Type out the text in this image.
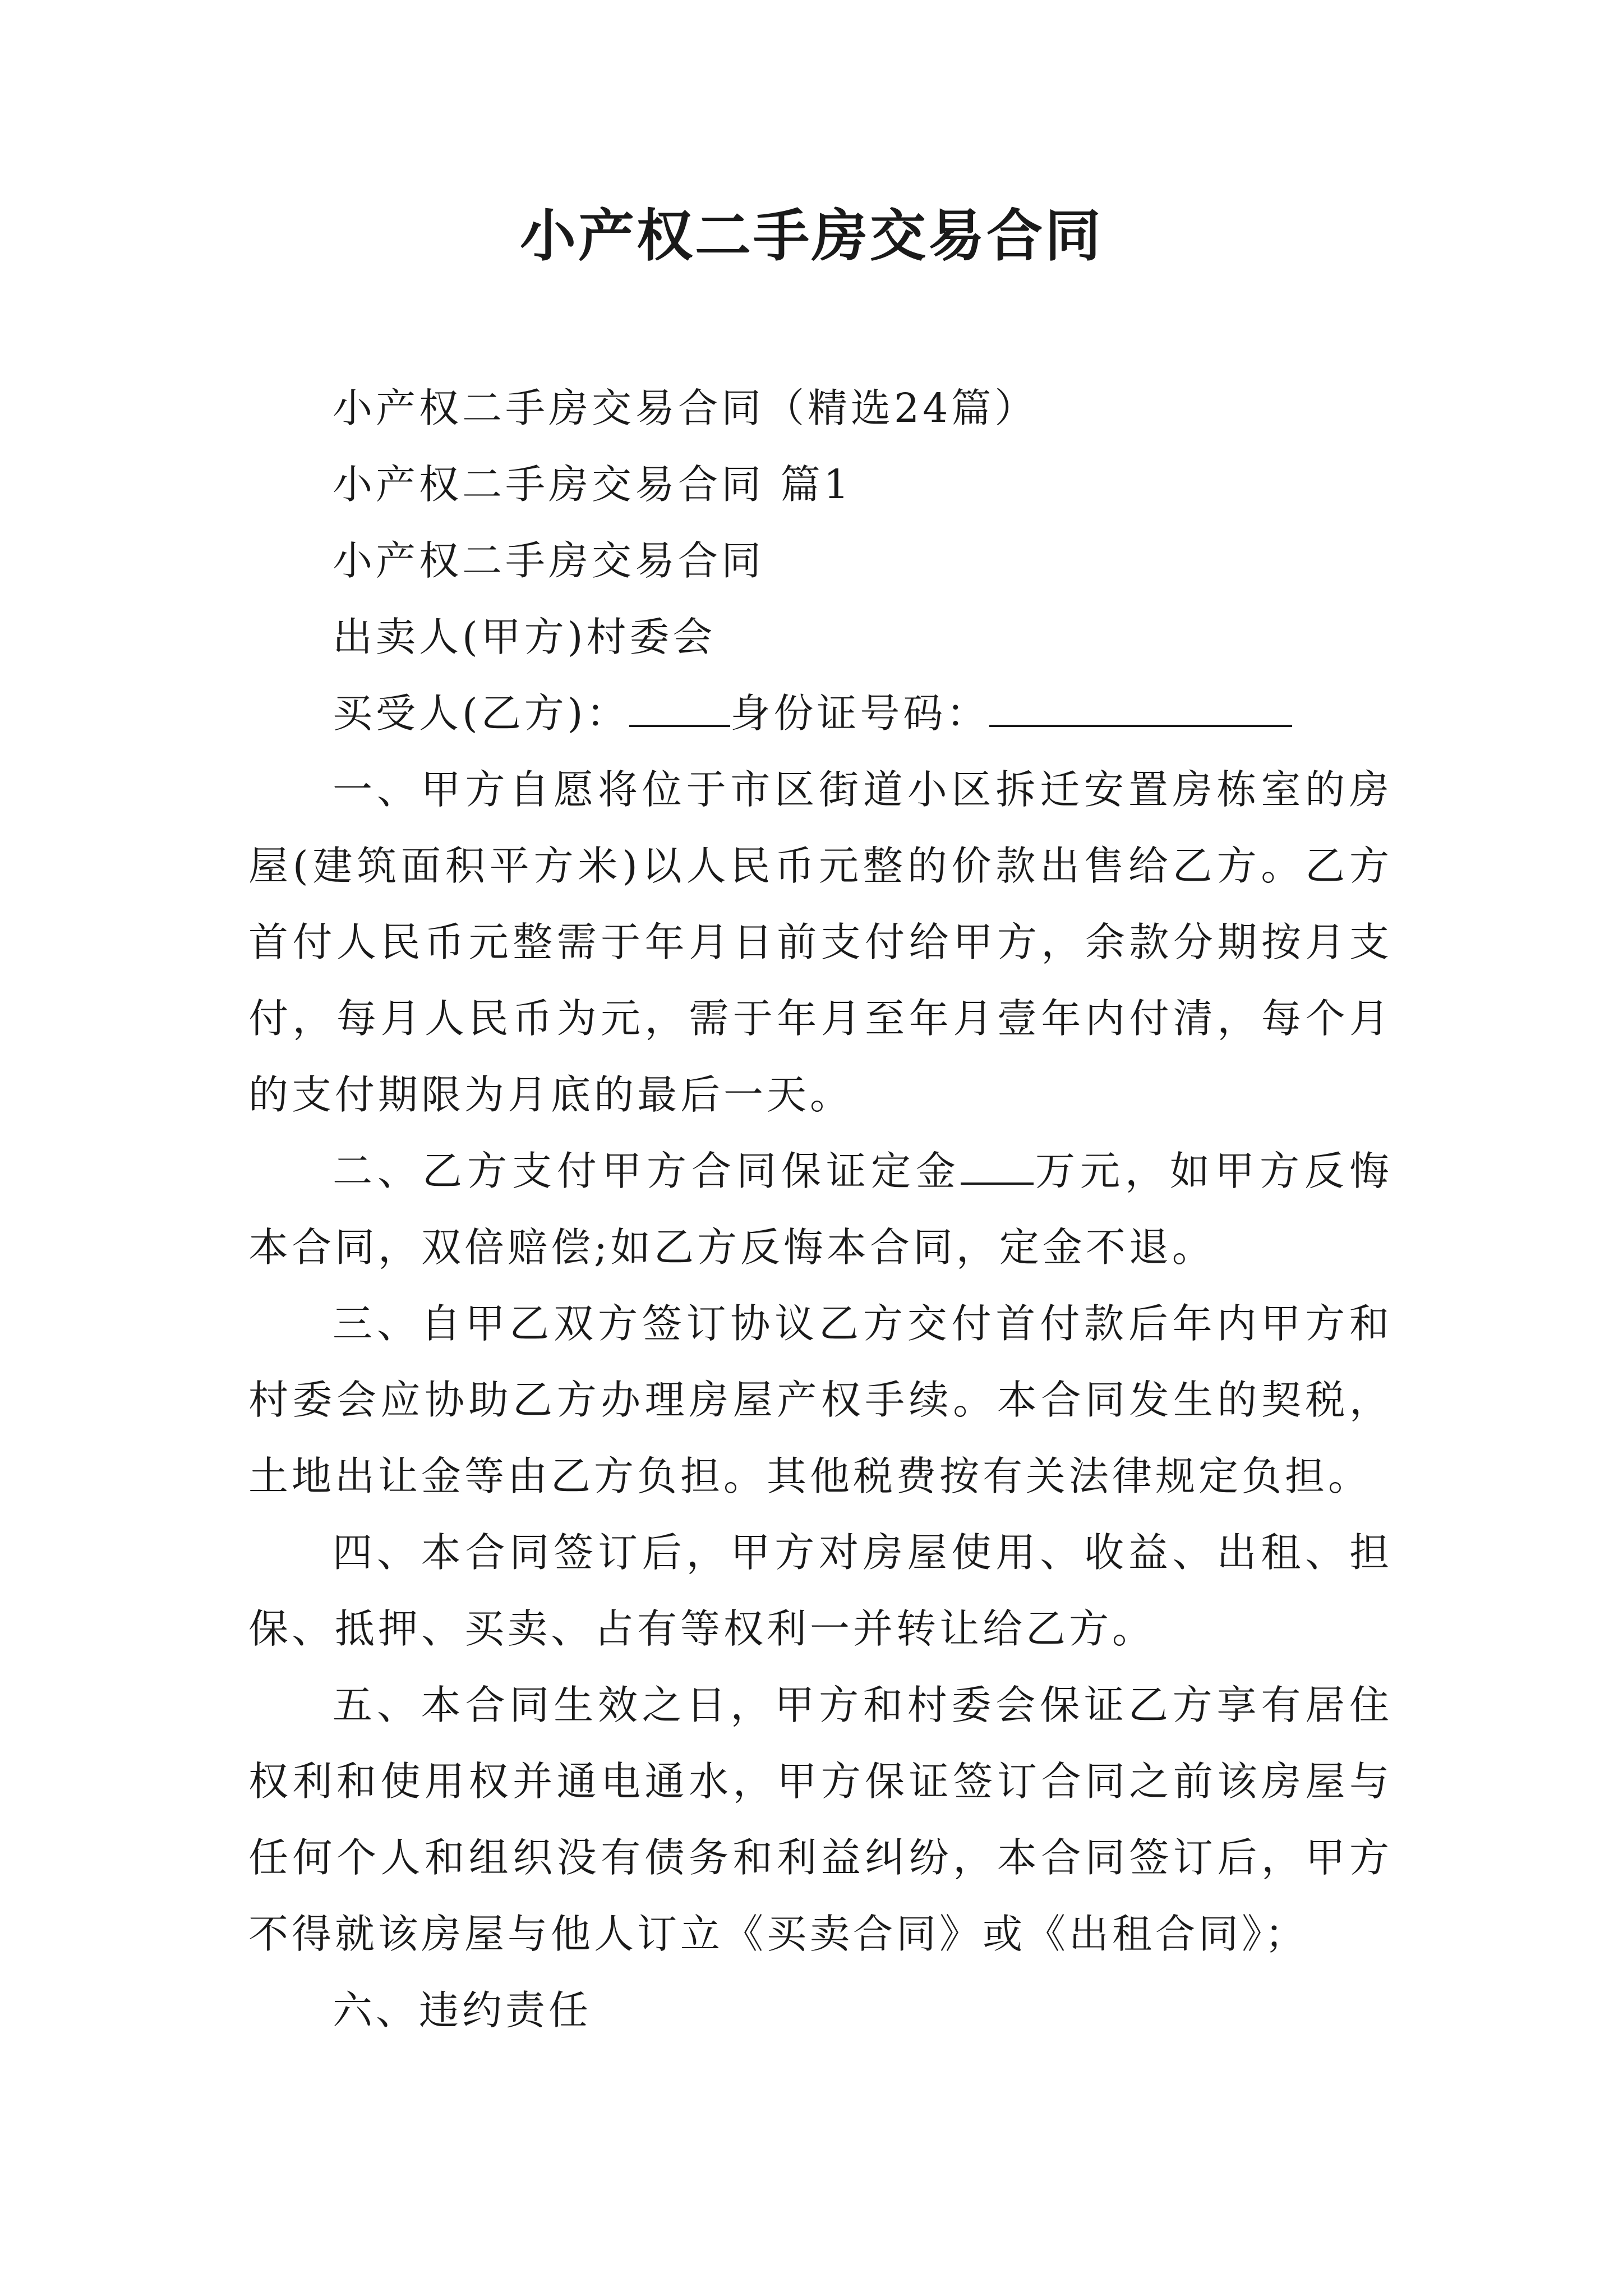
小产权二手房交易合同

小产权二手房交易合同（精选24篇）

小产权二手房交易合同 篇1

小产权二手房交易合同

出卖人(甲方)村委会

买受人(乙方)：	身份证号码：

一、甲方自愿将位于市区街道小区拆迁安置房栋室的房屋(建筑面积平方米)以人民币元整的价款出售给乙方。乙方首付人民币元整需于年月日前支付给甲方，余款分期按月支付，每月人民币为元，需于年月至年月壹年内付清，每个月的支付期限为月底的最后一天。

二、乙方支付甲方合同保证定金 万元，如甲方反悔本合同，双倍赔偿;如乙方反悔本合同，定金不退。

三、自甲乙双方签订协议乙方交付首付款后年内甲方和村委会应协助乙方办理房屋产权手续。本合同发生的契税，土地出让金等由乙方负担。其他税费按有关法律规定负担。

四、本合同签订后，甲方对房屋使用、收益、出租、担保、抵押、买卖、占有等权利一并转让给乙方。

五、本合同生效之日，甲方和村委会保证乙方享有居住权利和使用权并通电通水，甲方保证签订合同之前该房屋与任何个人和组织没有债务和利益纠纷，本合同签订后，甲方不得就该房屋与他人订立《买卖合同》或《出租合同》；

六、违约责任
